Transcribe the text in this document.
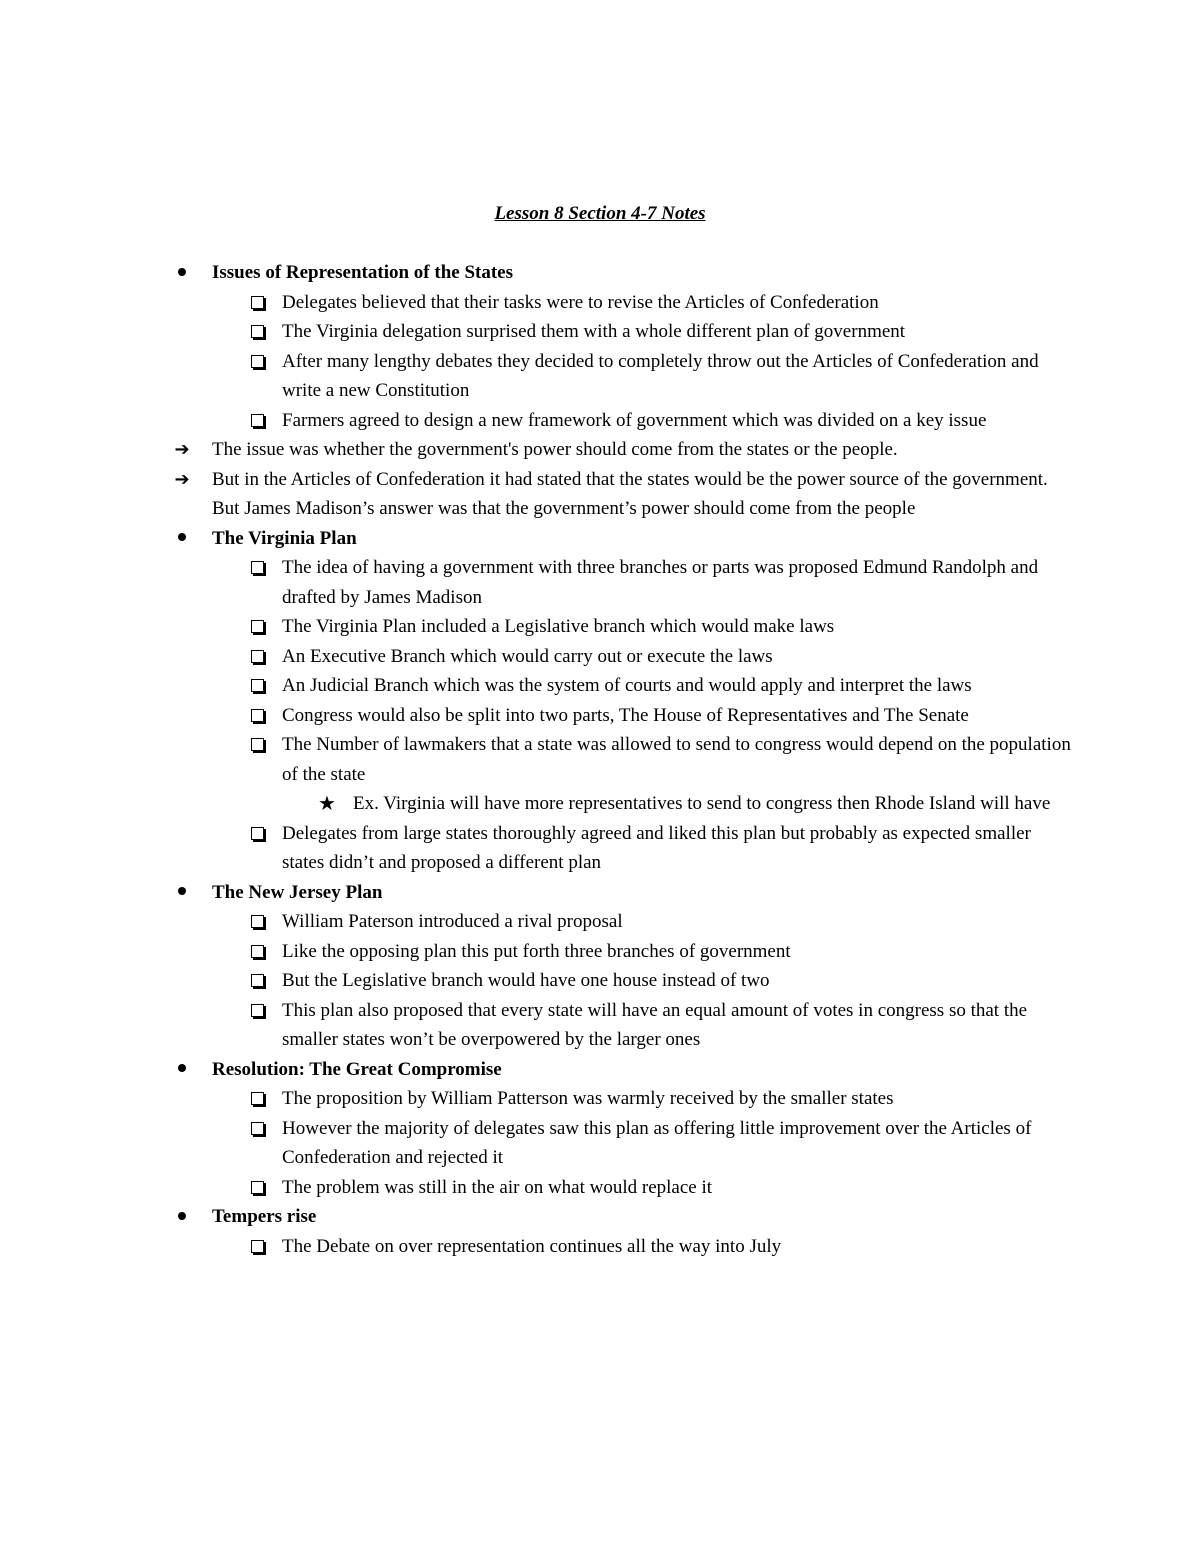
Lesson 8 Section 4-7 Notes
Issues of Representation of the States
Delegates believed that their tasks were to revise the Articles of Confederation
The Virginia delegation surprised them with a whole different plan of government
After many lengthy debates they decided to completely throw out the Articles of Confederation and write a new Constitution
Farmers agreed to design a new framework of government which was divided on a key issue
➔ The issue was whether the government's power should come from the states or the people.
➔ But in the Articles of Confederation it had stated that the states would be the power source of the government. But James Madison’s answer was that the government’s power should come from the people
The Virginia Plan
The idea of having a government with three branches or parts was proposed Edmund Randolph and drafted by James Madison
The Virginia Plan included a Legislative branch which would make laws
An Executive Branch which would carry out or execute the laws
An Judicial Branch which was the system of courts and would apply and interpret the laws
Congress would also be split into two parts, The House of Representatives and The Senate
The Number of lawmakers that a state was allowed to send to congress would depend on the population of the state
★ Ex. Virginia will have more representatives to send to congress then Rhode Island will have
Delegates from large states thoroughly agreed and liked this plan but probably as expected smaller states didn’t and proposed a different plan
The New Jersey Plan
William Paterson introduced a rival proposal
Like the opposing plan this put forth three branches of government
But the Legislative branch would have one house instead of two
This plan also proposed that every state will have an equal amount of votes in congress so that the smaller states won’t be overpowered by the larger ones
Resolution: The Great Compromise
The proposition by William Patterson was warmly received by the smaller states
However the majority of delegates saw this plan as offering little improvement over the Articles of Confederation and rejected it
The problem was still in the air on what would replace it
Tempers rise
The Debate on over representation continues all the way into July
